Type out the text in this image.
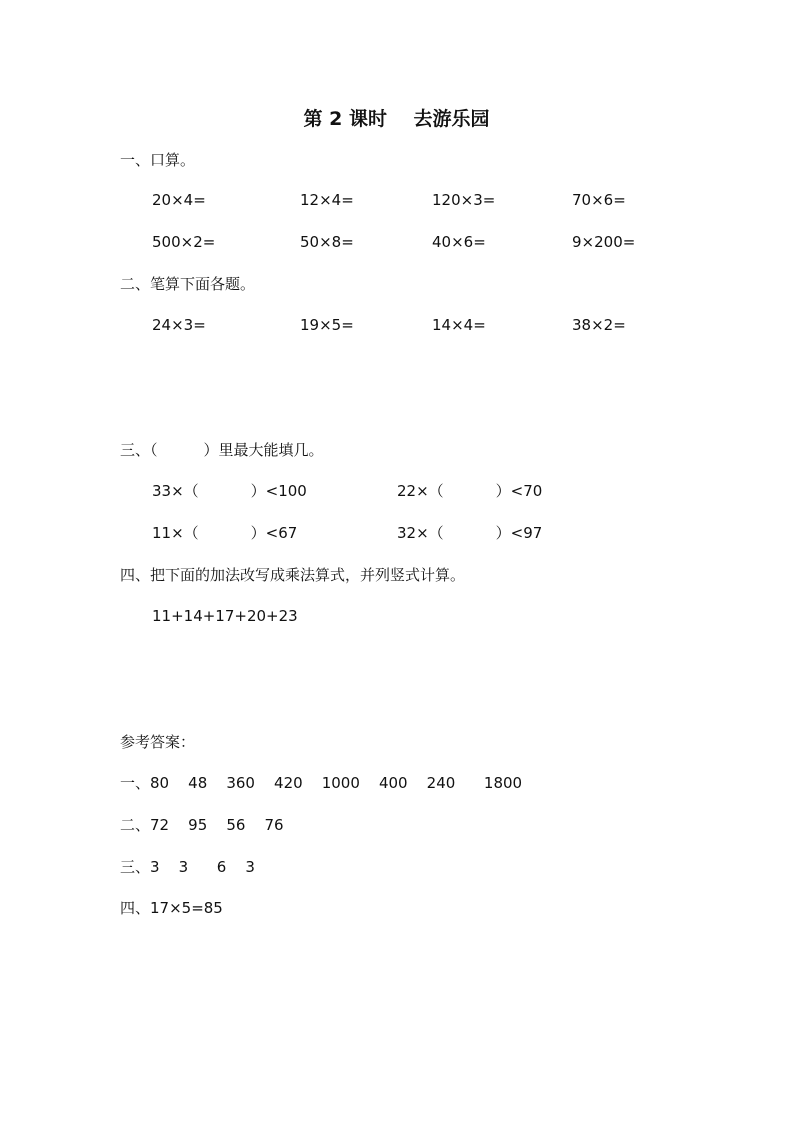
第 2 课时    去游乐园
一、口算。
20×4=	12×4=	120×3=	70×6=
500×2=	50×8=	40×6=	9×200=
二、笔算下面各题。
24×3=	19×5=	14×4=	38×2=
三、（	）里最大能填几。
33×（	）<100	22×（	）<70
11×（	）<67	32×（	）<97
四、把下面的加法改写成乘法算式，并列竖式计算。
11+14+17+20+23
参考答案：
一、80    48    360    420    1000    400    240      1800
二、72    95    56    76
三、3    3      6    3
四、17×5=85
